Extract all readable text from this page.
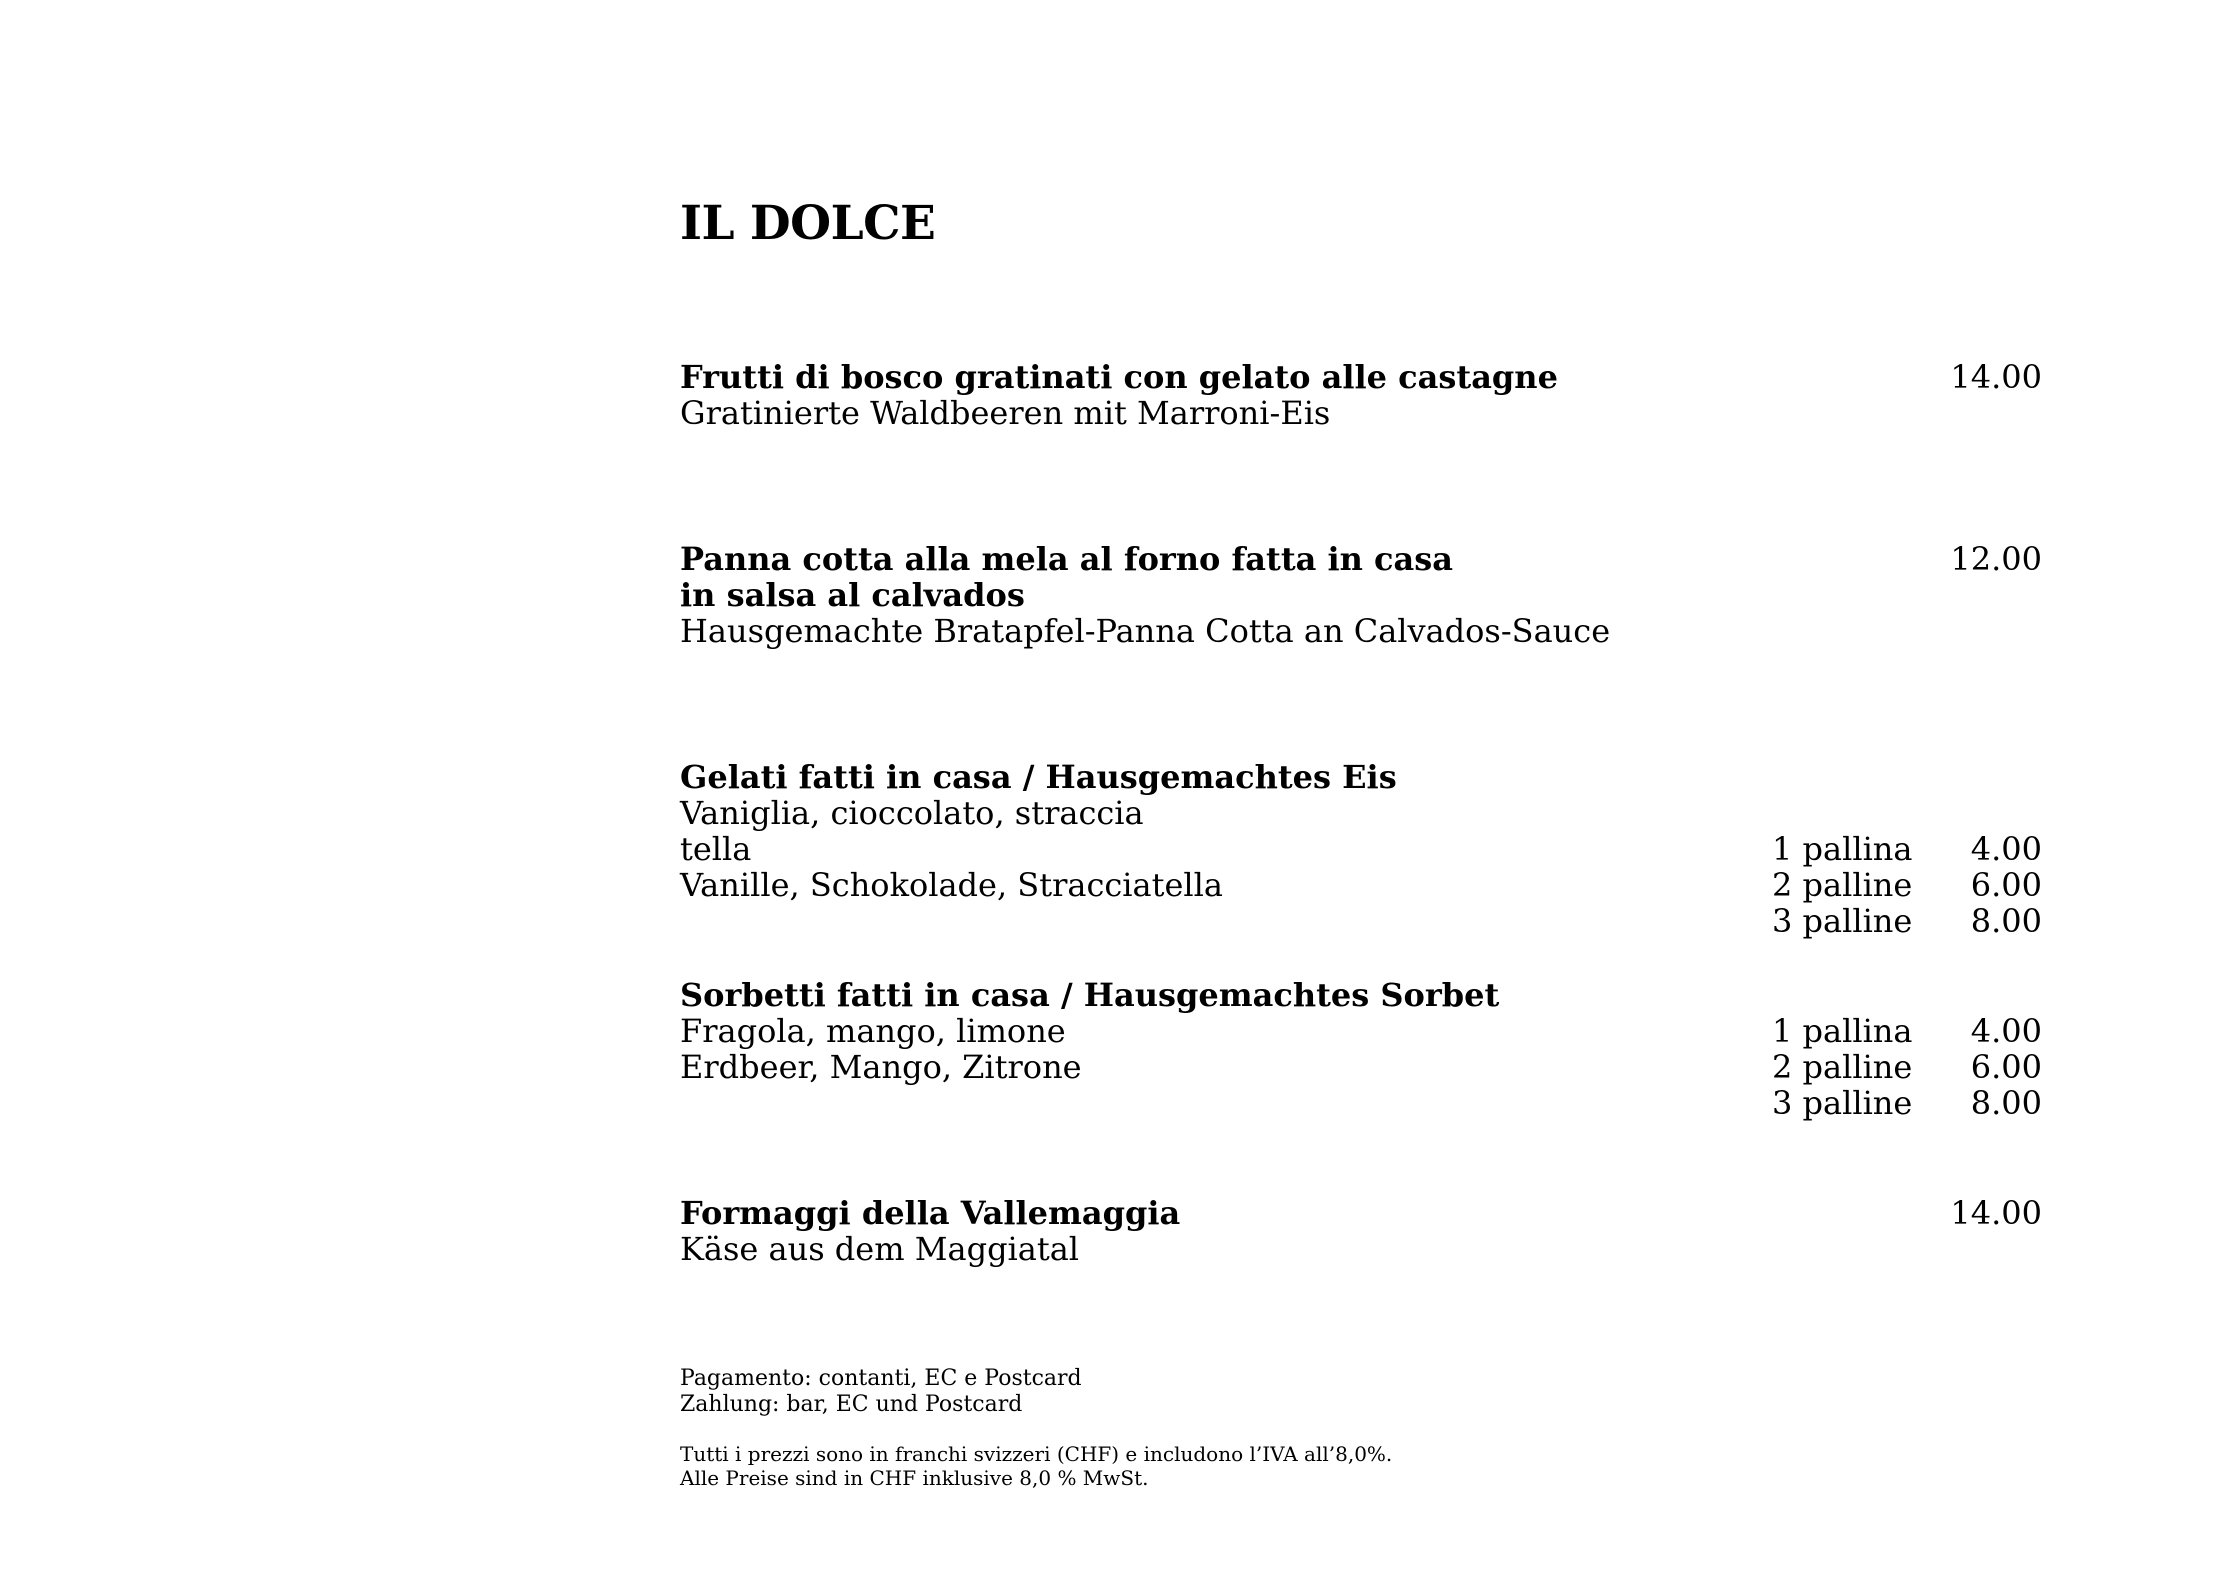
IL DOLCE
Frutti di bosco gratinati con gelato alle castagne
Gratinierte Waldbeeren mit Marroni-Eis
14.00
Panna cotta alla mela al forno fatta in casa
in salsa al calvados
Hausgemachte Bratapfel-Panna Cotta an Calvados-Sauce
12.00
Gelati fatti in casa / Hausgemachtes Eis
Vaniglia, cioccolato, straccia
tella
Vanille, Schokolade, Stracciatella
1 pallina 4.00
2 palline 6.00
3 palline 8.00
Sorbetti fatti in casa / Hausgemachtes Sorbet
Fragola, mango, limone
Erdbeer, Mango, Zitrone
1 pallina 4.00
2 palline 6.00
3 palline 8.00
Formaggi della Vallemaggia
Käse aus dem Maggiatal
14.00
Pagamento: contanti, EC e Postcard
Zahlung: bar, EC und Postcard
Tutti i prezzi sono in franchi svizzeri (CHF) e includono l’IVA all’8,0%.
Alle Preise sind in CHF inklusive 8,0 % MwSt.
